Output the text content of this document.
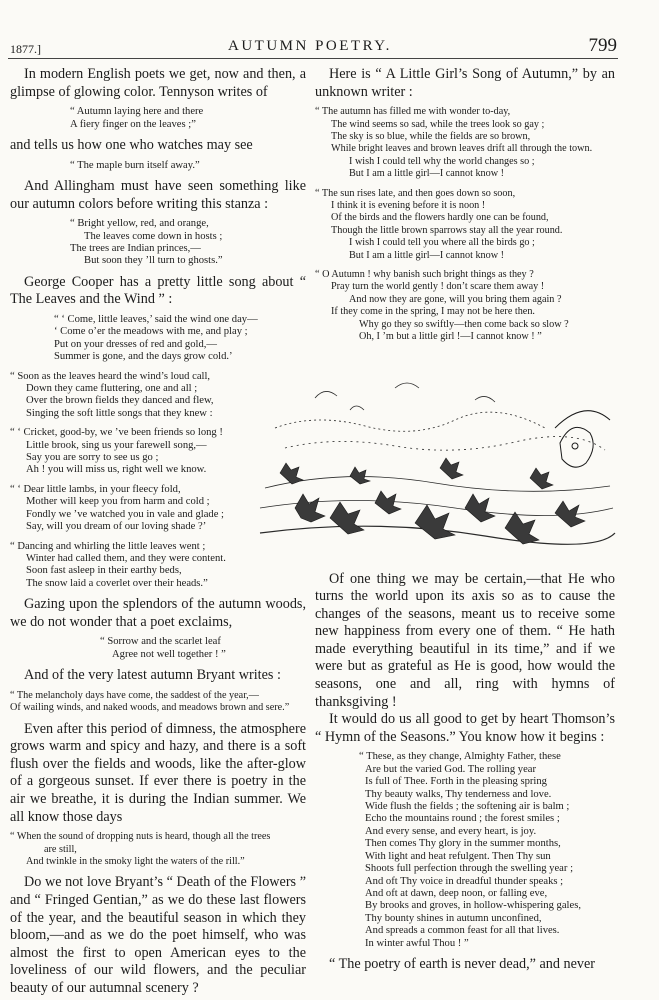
1877.]	AUTUMN POETRY.	799

In modern English poets we get, now and then, a glimpse of glowing color. Tennyson writes of

“ Autumn laying here and there
A fiery finger on the leaves ;”

and tells us how one who watches may see

“ The maple burn itself away.”

And Allingham must have seen something like our autumn colors before writing this stanza :

“ Bright yellow, red, and orange,
The leaves come down in hosts ;
The trees are Indian princes,—
But soon they ’ll turn to ghosts.”

George Cooper has a pretty little song about “ The Leaves and the Wind ” :

“ ‘ Come, little leaves,’ said the wind one day—
‘ Come o’er the meadows with me, and play ;
Put on your dresses of red and gold,—
Summer is gone, and the days grow cold.’
“ Soon as the leaves heard the wind’s loud call,
Down they came fluttering, one and all ;
Over the brown fields they danced and flew,
Singing the soft little songs that they knew :
“ ‘ Cricket, good-by, we ’ve been friends so long !
Little brook, sing us your farewell song,—
Say you are sorry to see us go ;
Ah ! you will miss us, right well we know.
“ ‘ Dear little lambs, in your fleecy fold,
Mother will keep you from harm and cold ;
Fondly we ’ve watched you in vale and glade ;
Say, will you dream of our loving shade ?’
“ Dancing and whirling the little leaves went ;
Winter had called them, and they were content.
Soon fast asleep in their earthy beds,
The snow laid a coverlet over their heads.”

Gazing upon the splendors of the autumn woods, we do not wonder that a poet exclaims,

“ Sorrow and the scarlet leaf
Agree not well together ! ”

And of the very latest autumn Bryant writes :

“ The melancholy days have come, the saddest of the year,—
Of wailing winds, and naked woods, and meadows brown and sere.”

Even after this period of dimness, the atmosphere grows warm and spicy and hazy, and there is a soft flush over the fields and woods, like the after-glow of a gorgeous sunset. If ever there is poetry in the air we breathe, it is during the Indian summer. We all know those days

“ When the sound of dropping nuts is heard, though all the trees
are still,
And twinkle in the smoky light the waters of the rill.”

Do we not love Bryant’s “ Death of the Flowers ” and “ Fringed Gentian,” as we do these last flowers of the year, and the beautiful season in which they bloom,—and as we do the poet himself, who was almost the first to open American eyes to the loveliness of our wild flowers, and the peculiar beauty of our autumnal scenery ?

Here is “ A Little Girl’s Song of Autumn,” by an unknown writer :

“ The autumn has filled me with wonder to-day,
The wind seems so sad, while the trees look so gay ;
The sky is so blue, while the fields are so brown,
While bright leaves and brown leaves drift all through the town.
I wish I could tell why the world changes so ;
But I am a little girl—I cannot know !
“ The sun rises late, and then goes down so soon,
I think it is evening before it is noon !
Of the birds and the flowers hardly one can be found,
Though the little brown sparrows stay all the year round.
I wish I could tell you where all the birds go ;
But I am a little girl—I cannot know !
“ O Autumn ! why banish such bright things as they ?
Pray turn the world gently ! don’t scare them away !
And now they are gone, will you bring them again ?
If they come in the spring, I may not be here then.
Why go they so swiftly—then come back so slow ?
Oh, I ’m but a little girl !—I cannot know ! ”

Of one thing we may be certain,—that He who turns the world upon its axis so as to cause the changes of the seasons, meant us to receive some new happiness from every one of them. “ He hath made everything beautiful in its time,” and if we were but as grateful as He is good, how would the seasons, one and all, ring with hymns of thanksgiving !

It would do us all good to get by heart Thomson’s “ Hymn of the Seasons.” You know how it begins :

“ These, as they change, Almighty Father, these
Are but the varied God. The rolling year
Is full of Thee. Forth in the pleasing spring
Thy beauty walks, Thy tenderness and love.
Wide flush the fields ; the softening air is balm ;
Echo the mountains round ; the forest smiles ;
And every sense, and every heart, is joy.
Then comes Thy glory in the summer months,
With light and heat refulgent. Then Thy sun
Shoots full perfection through the swelling year ;
And oft Thy voice in dreadful thunder speaks ;
And oft at dawn, deep noon, or falling eve,
By brooks and groves, in hollow-whispering gales,
Thy bounty shines in autumn unconfined,
And spreads a common feast for all that lives.
In winter awful Thou ! ”

“ The poetry of earth is never dead,” and never
